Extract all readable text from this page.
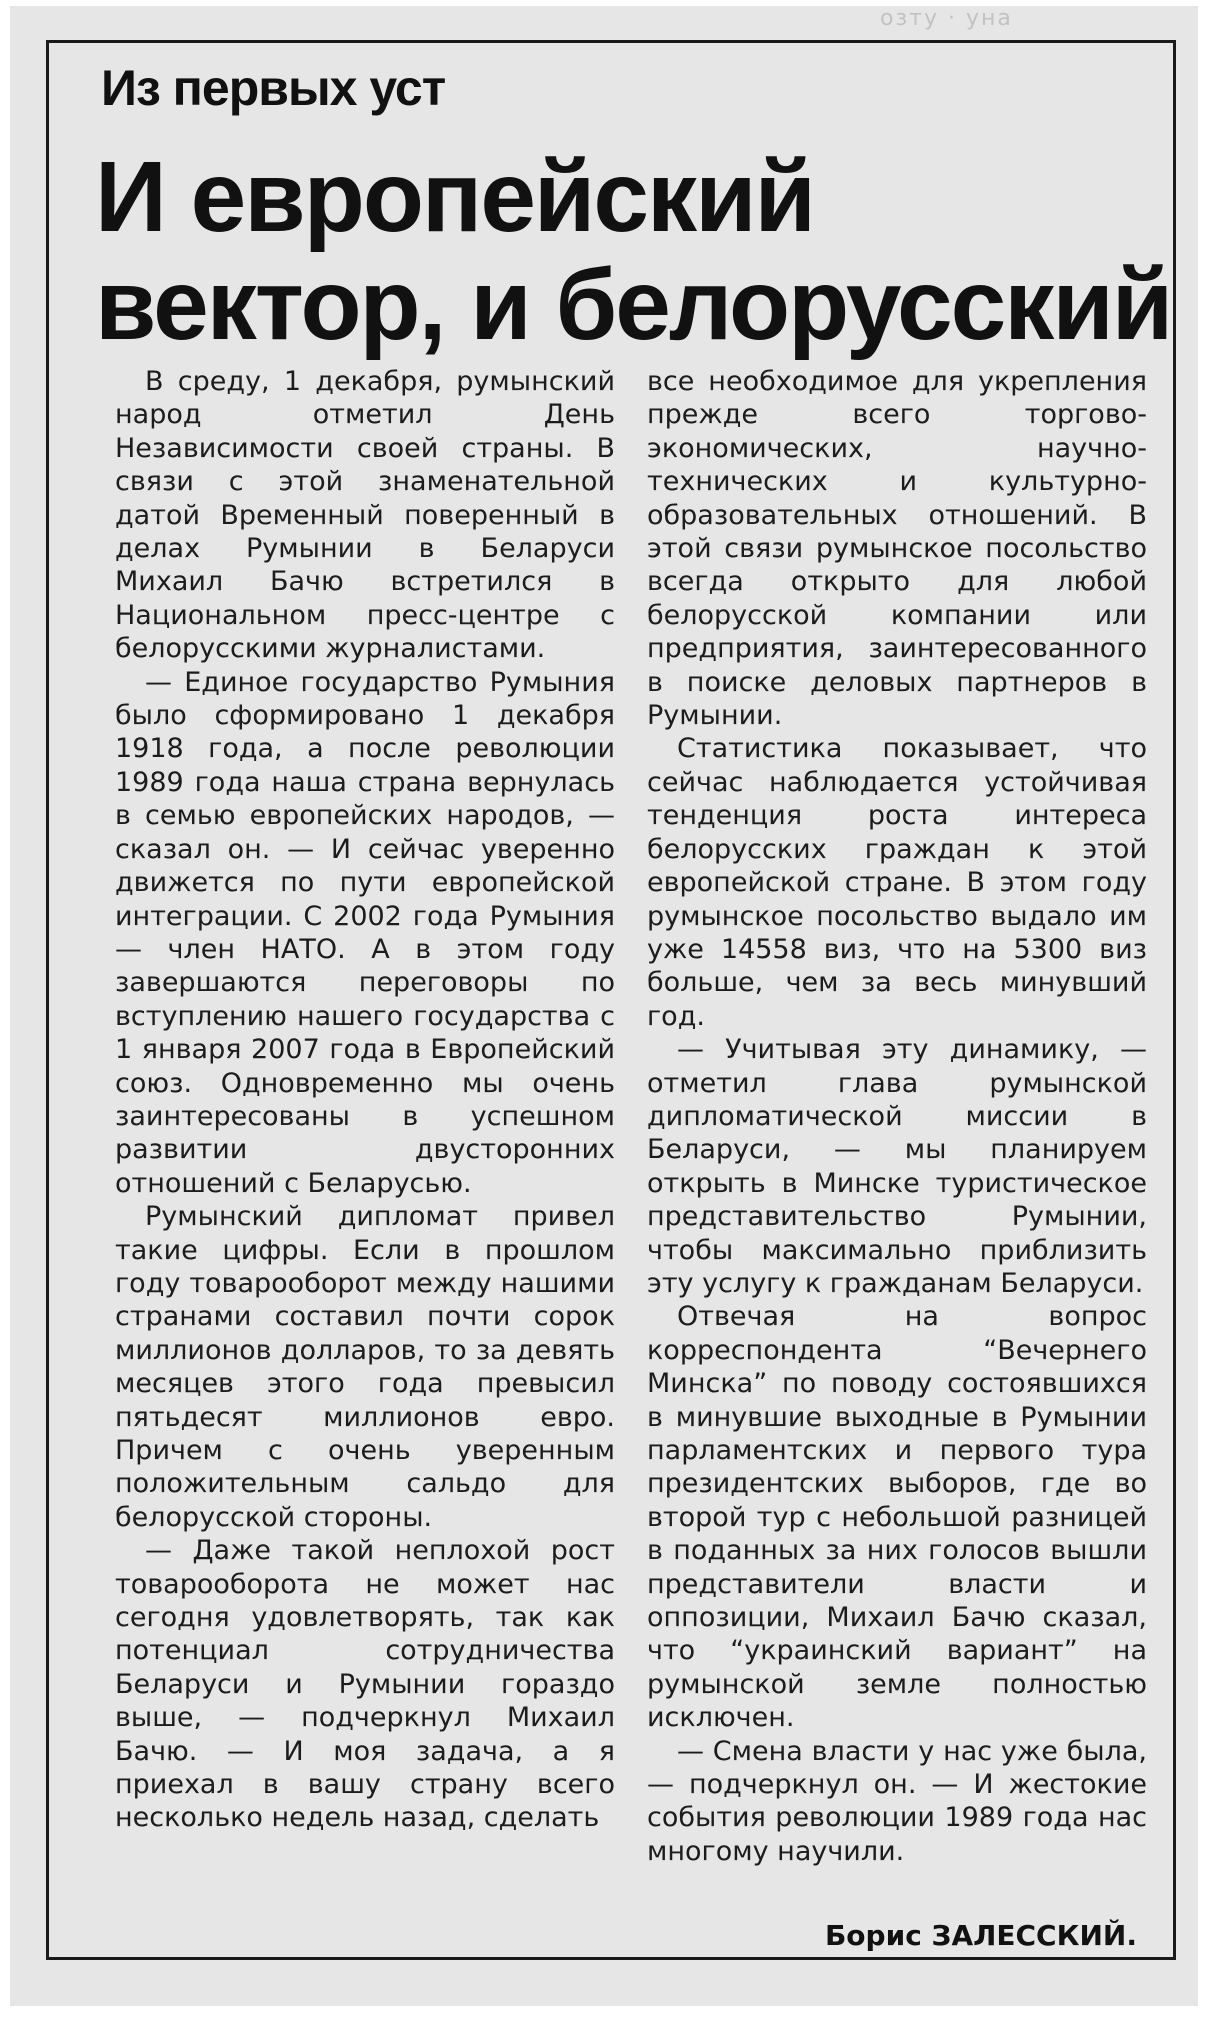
озту · уна
Из первых уст
И европейский вектор, и белорусский

В среду, 1 декабря, румынский народ отметил День Независимости своей страны. В связи с этой знаменательной датой Временный поверенный в делах Румынии в Беларуси Михаил Бачю встретился в Национальном пресс-центре с белорусскими журналистами.

— Единое государство Румыния было сформировано 1 декабря 1918 года, а после революции 1989 года наша страна вернулась в семью европейских народов, — сказал он. — И сейчас уверенно движется по пути европейской интеграции. С 2002 года Румыния — член НАТО. А в этом году завершаются переговоры по вступлению нашего государства с 1 января 2007 года в Европейский союз. Одновременно мы очень заинтересованы в успешном развитии двусторонних отношений с Беларусью.

Румынский дипломат привел такие цифры. Если в прошлом году товарооборот между нашими странами составил почти сорок миллионов долларов, то за девять месяцев этого года превысил пятьдесят миллионов евро. Причем с очень уверенным положительным сальдо для белорусской стороны.

— Даже такой неплохой рост товарооборота не может нас сегодня удовлетворять, так как потенциал сотрудничества Беларуси и Румынии гораздо выше, — подчеркнул Михаил Бачю. — И моя задача, а я приехал в вашу страну всего несколько недель назад, сделать

все необходимое для укрепления прежде всего торгово-экономических, научно-технических и культурно-образовательных отношений. В этой связи румынское посольство всегда открыто для любой белорусской компании или предприятия, заинтересованного в поиске деловых партнеров в Румынии.

Статистика показывает, что сейчас наблюдается устойчивая тенденция роста интереса белорусских граждан к этой европейской стране. В этом году румынское посольство выдало им уже 14558 виз, что на 5300 виз больше, чем за весь минувший год.

— Учитывая эту динамику, — отметил глава румынской дипломатической миссии в Беларуси, — мы планируем открыть в Минске туристическое представительство Румынии, чтобы максимально приблизить эту услугу к гражданам Беларуси.

Отвечая на вопрос корреспондента “Вечернего Минска” по поводу состоявшихся в минувшие выходные в Румынии парламентских и первого тура президентских выборов, где во второй тур с небольшой разницей в поданных за них голосов вышли представители власти и оппозиции, Михаил Бачю сказал, что “украинский вариант” на румынской земле полностью исключен.

— Смена власти у нас уже была, — подчеркнул он. — И жестокие события революции 1989 года нас многому научили.

Борис ЗАЛЕССКИЙ.
